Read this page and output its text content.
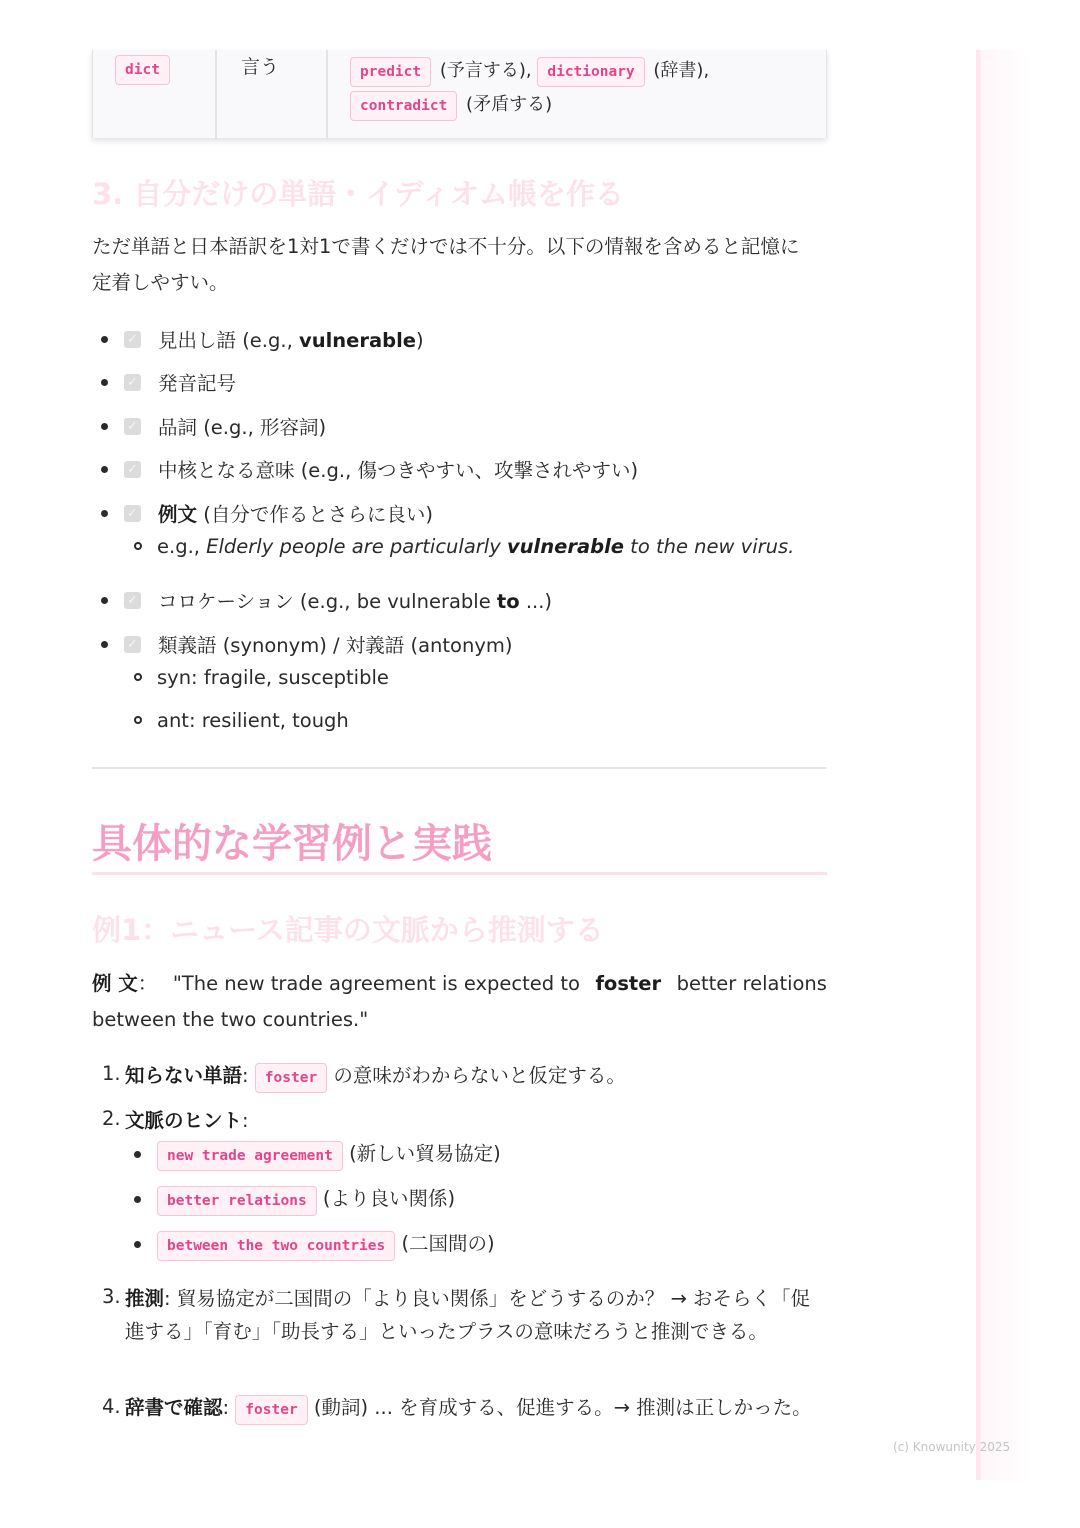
dict	言う	predict (予言する), dictionary (辞書),
contradict (矛盾する)
3. 自分だけの単語・イディオム帳を作る
ただ単語と日本語訳を1対1で書くだけでは不十分。以下の情報を含めると記憶に
定着しやすい。
✓ 見出し語 (e.g., vulnerable)
✓ 発音記号
✓ 品詞 (e.g., 形容詞)
✓ 中核となる意味 (e.g., 傷つきやすい、攻撃されやすい)
✓ 例文 (自分で作るとさらに良い)
e.g., Elderly people are particularly vulnerable to the new virus.
✓ コロケーション (e.g., be vulnerable to ...)
✓ 類義語 (synonym) / 対義語 (antonym)
syn: fragile, susceptible
ant: resilient, tough
具体的な学習例と実践
例1：ニュース記事の文脈から推測する
例 文： "The new trade agreement is expected to foster better relations
between the two countries."
1. 知らない単語: foster の意味がわからないと仮定する。
2. 文脈のヒント:
new trade agreement (新しい貿易協定)
better relations (より良い関係)
between the two countries (二国間の)
3. 推測: 貿易協定が二国間の「より良い関係」をどうするのか？ → おそらく「促進する」「育む」「助長する」といったプラスの意味だろうと推測できる。
4. 辞書で確認: foster (動詞) ... を育成する、促進する。→ 推測は正しかった。
(c) Knowunity 2025
